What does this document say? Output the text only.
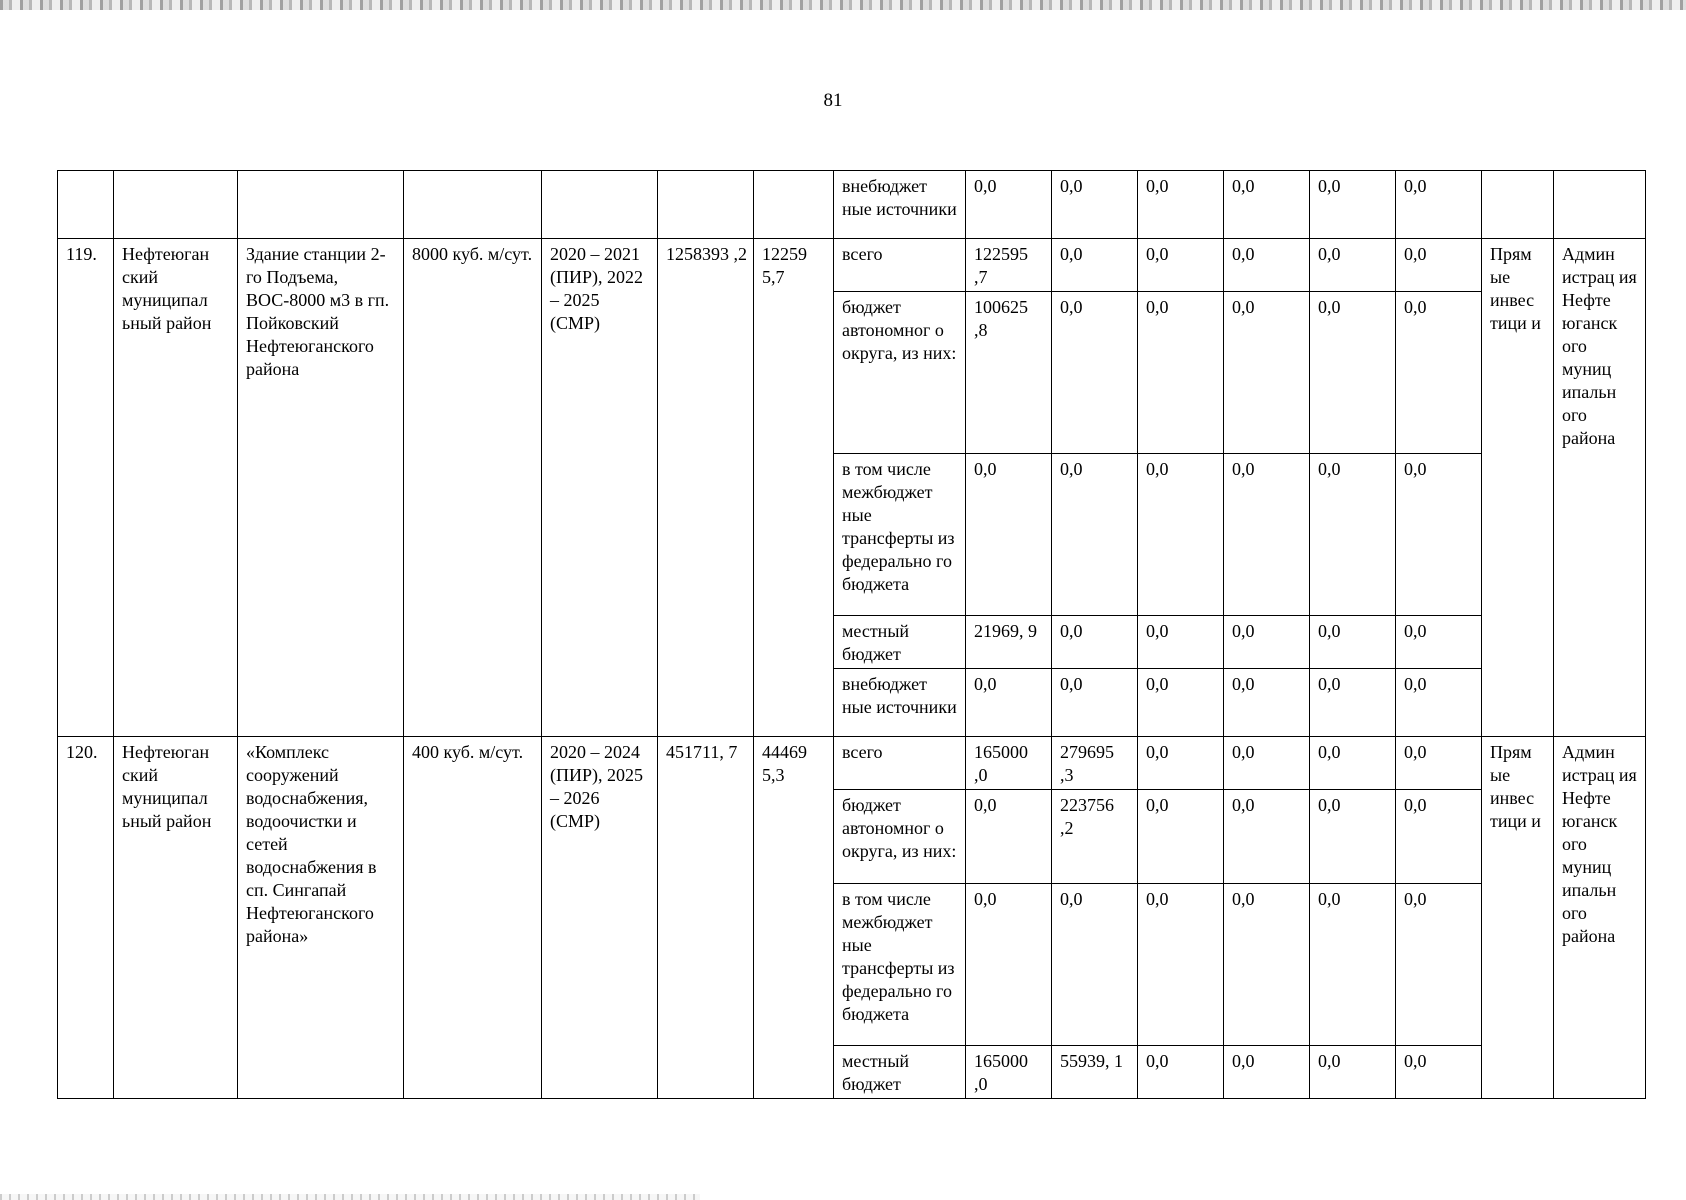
81
							внебюджет ные источники	0,0	0,0	0,0	0,0	0,0	0,0		
119.	Нефтеюган ский муниципал ьный район	Здание станции 2-го Подъема, ВОС-8000 м3 в гп. Пойковский Нефтеюганского района	8000 куб. м/сут.	2020 – 2021 (ПИР), 2022 – 2025 (СМР)	1258393 ,2	12259 5,7	всего	122595 ,7	0,0	0,0	0,0	0,0	0,0	Прям ые инвес тици и	Админ истрац ия Нефте юганск ого муниц ипальн ого района
							бюджет автономног о округа, из них:	100625 ,8	0,0	0,0	0,0	0,0	0,0		
							в том числе межбюджет ные трансферты из федерально го бюджета	0,0	0,0	0,0	0,0	0,0	0,0		
							местный бюджет	21969, 9	0,0	0,0	0,0	0,0	0,0		
							внебюджет ные источники	0,0	0,0	0,0	0,0	0,0	0,0		
120.	Нефтеюган ский муниципал ьный район	«Комплекс сооружений водоснабжения, водоочистки и сетей водоснабжения в сп. Сингапай Нефтеюганского района»	400 куб. м/сут.	2020 – 2024 (ПИР), 2025 – 2026 (СМР)	451711, 7	44469 5,3	всего	165000 ,0	279695 ,3	0,0	0,0	0,0	0,0	Прям ые инвес тици и	Админ истрац ия Нефте юганск ого муниц ипальн ого района
							бюджет автономног о округа, из них:	0,0	223756 ,2	0,0	0,0	0,0	0,0		
							в том числе межбюджет ные трансферты из федерально го бюджета	0,0	0,0	0,0	0,0	0,0	0,0		
							местный бюджет	165000 ,0	55939, 1	0,0	0,0	0,0	0,0		
